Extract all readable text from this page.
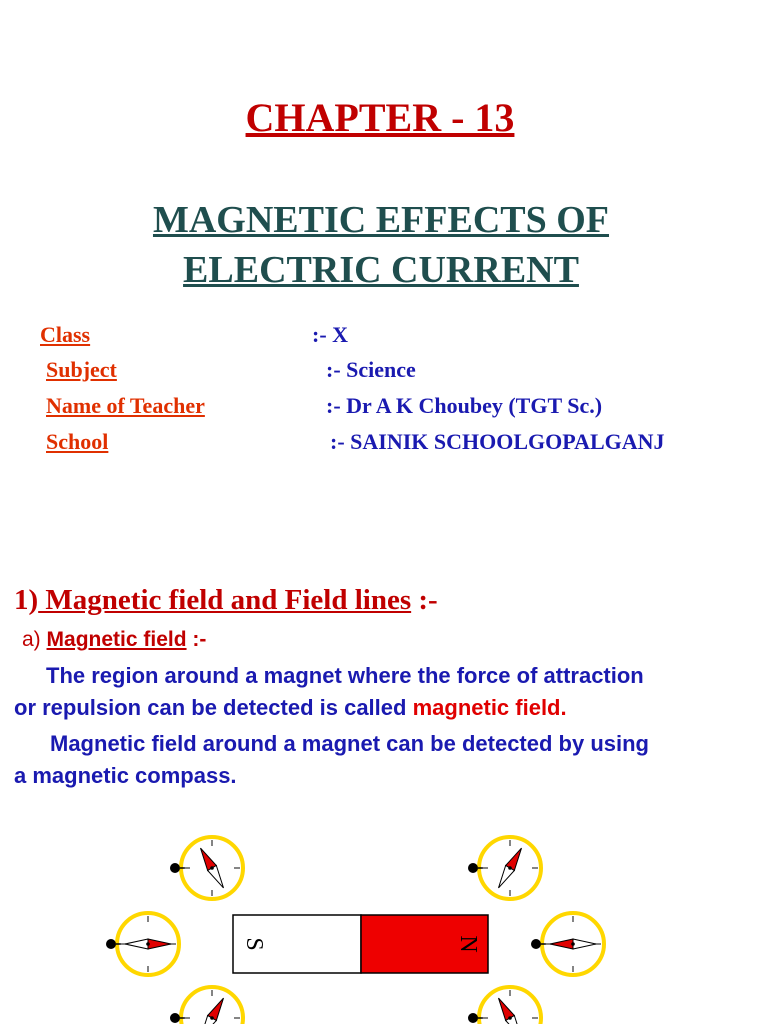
CHAPTER - 13
MAGNETIC EFFECTS OF
ELECTRIC CURRENT
Class	:- X
Subject	:- Science
Name of Teacher	:- Dr A K Choubey (TGT Sc.)
School	:- SAINIK SCHOOLGOPALGANJ
1) Magnetic field and Field lines :-
a) Magnetic field :-
The region around a magnet where the force of attraction
or repulsion can be detected is called magnetic field.
Magnetic field around a magnet can be detected by using
a magnetic compass.
S	N
